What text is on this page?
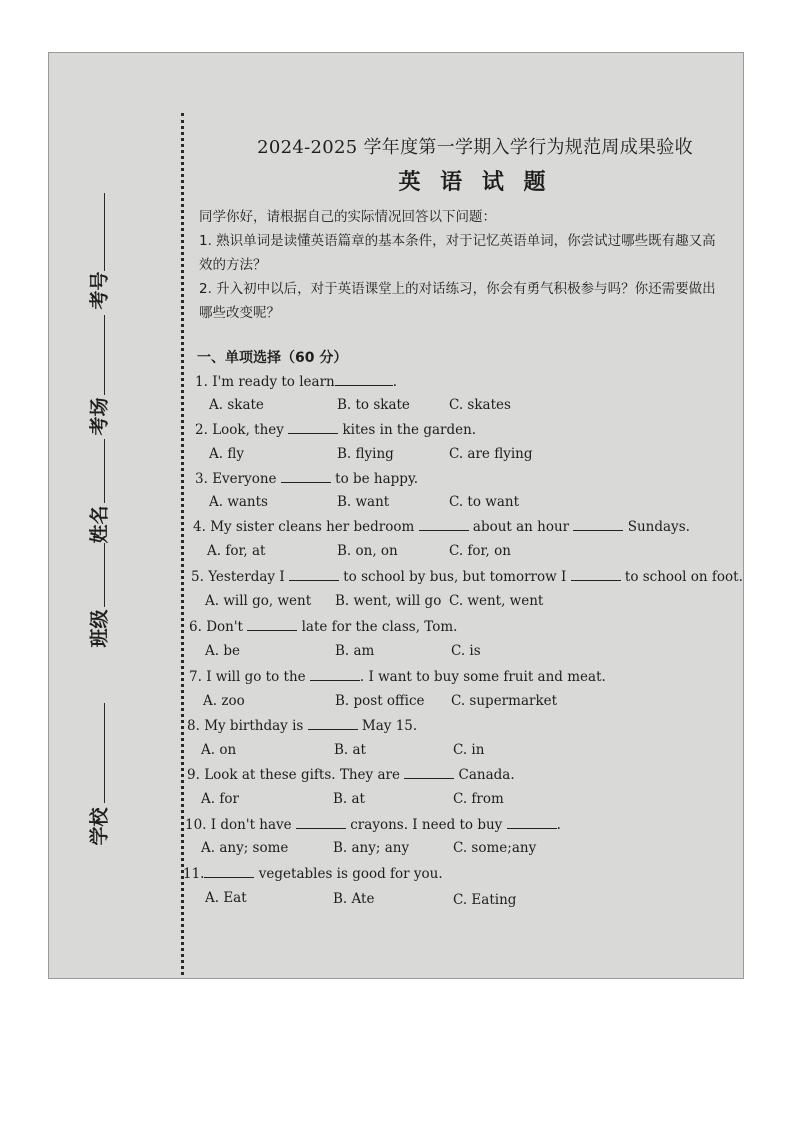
学校
班级
姓名
考场
考号
2024-2025 学年度第一学期入学行为规范周成果验收
英 语 试 题

同学你好，请根据自己的实际情况回答以下问题：

1. 熟识单词是读懂英语篇章的基本条件，对于记忆英语单词，你尝试过哪些既有趣又高

效的方法？

2. 升入初中以后，对于英语课堂上的对话练习，你会有勇气积极参与吗？你还需要做出

哪些改变呢？

一、单项选择（60 分）
1. I'm ready to learn	.
A. skate	B. to skate	C. skates
2. Look, they	kites in the garden.
A. fly	B. flying	C. are flying
3. Everyone	to be happy.
A. wants	B. want	C. to want
4. My sister cleans her bedroom	about an hour	Sundays.
A. for, at	B. on, on	C. for, on
5. Yesterday I	to school by bus, but tomorrow I	to school on foot.
A. will go, went B. went, will go C. went, went
6. Don't	late for the class, Tom.
A. be	B. am	C. is
7. I will go to the	. I want to buy some fruit and meat.
A. zoo	B. post office C. supermarket
8. My birthday is	May 15.
A. on	B. at	C. in
9. Look at these gifts. They are	Canada.
A. for	B. at	C. from
10. I don't have	crayons. I need to buy	.
A. any; some	B. any; any	C. some;any
11.	vegetables is good for you.
A. Eat	B. Ate	C. Eating
